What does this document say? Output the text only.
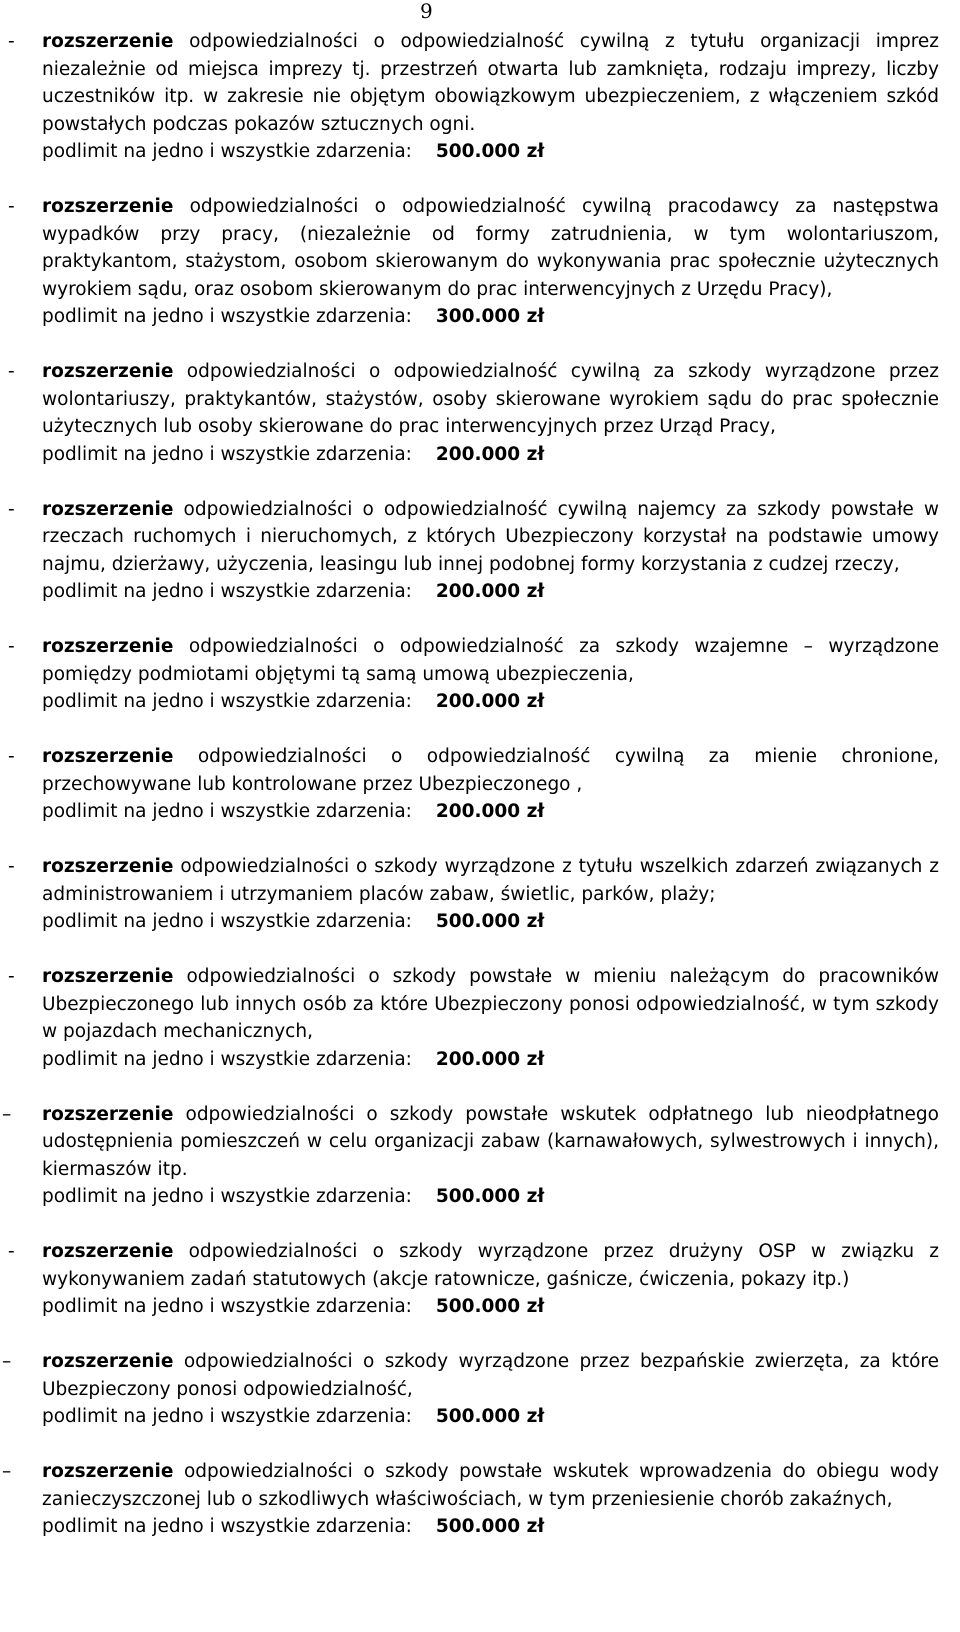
9
- rozszerzenie odpowiedzialności o odpowiedzialność cywilną z tytułu organizacji imprez niezależnie od miejsca imprezy tj. przestrzeń otwarta lub zamknięta, rodzaju imprezy, liczby uczestników itp. w zakresie nie objętym obowiązkowym ubezpieczeniem, z włączeniem szkód powstałych podczas pokazów sztucznych ogni.
podlimit na jedno i wszystkie zdarzenia: 500.000 zł
- rozszerzenie odpowiedzialności o odpowiedzialność cywilną pracodawcy za następstwa wypadków przy pracy, (niezależnie od formy zatrudnienia, w tym wolontariuszom, praktykantom, stażystom, osobom skierowanym do wykonywania prac społecznie użytecznych wyrokiem sądu, oraz osobom skierowanym do prac interwencyjnych z Urzędu Pracy),
podlimit na jedno i wszystkie zdarzenia: 300.000 zł
- rozszerzenie odpowiedzialności o odpowiedzialność cywilną za szkody wyrządzone przez wolontariuszy, praktykantów, stażystów, osoby skierowane wyrokiem sądu do prac społecznie użytecznych lub osoby skierowane do prac interwencyjnych przez Urząd Pracy,
podlimit na jedno i wszystkie zdarzenia: 200.000 zł
- rozszerzenie odpowiedzialności o odpowiedzialność cywilną najemcy za szkody powstałe w rzeczach ruchomych i nieruchomych, z których Ubezpieczony korzystał na podstawie umowy najmu, dzierżawy, użyczenia, leasingu lub innej podobnej formy korzystania z cudzej rzeczy,
podlimit na jedno i wszystkie zdarzenia: 200.000 zł
- rozszerzenie odpowiedzialności o odpowiedzialność za szkody wzajemne – wyrządzone pomiędzy podmiotami objętymi tą samą umową ubezpieczenia,
podlimit na jedno i wszystkie zdarzenia: 200.000 zł
- rozszerzenie odpowiedzialności o odpowiedzialność cywilną za mienie chronione, przechowywane lub kontrolowane przez Ubezpieczonego ,
podlimit na jedno i wszystkie zdarzenia: 200.000 zł
- rozszerzenie odpowiedzialności o szkody wyrządzone z tytułu wszelkich zdarzeń związanych z administrowaniem i utrzymaniem placów zabaw, świetlic, parków, plaży;
podlimit na jedno i wszystkie zdarzenia: 500.000 zł
- rozszerzenie odpowiedzialności o szkody powstałe w mieniu należącym do pracowników Ubezpieczonego lub innych osób za które Ubezpieczony ponosi odpowiedzialność, w tym szkody w pojazdach mechanicznych,
podlimit na jedno i wszystkie zdarzenia: 200.000 zł
– rozszerzenie odpowiedzialności o szkody powstałe wskutek odpłatnego lub nieodpłatnego udostępnienia pomieszczeń w celu organizacji zabaw (karnawałowych, sylwestrowych i innych), kiermaszów itp.
podlimit na jedno i wszystkie zdarzenia: 500.000 zł
- rozszerzenie odpowiedzialności o szkody wyrządzone przez drużyny OSP w związku z wykonywaniem zadań statutowych (akcje ratownicze, gaśnicze, ćwiczenia, pokazy itp.)
podlimit na jedno i wszystkie zdarzenia: 500.000 zł
– rozszerzenie odpowiedzialności o szkody wyrządzone przez bezpańskie zwierzęta, za które Ubezpieczony ponosi odpowiedzialność,
podlimit na jedno i wszystkie zdarzenia: 500.000 zł
– rozszerzenie odpowiedzialności o szkody powstałe wskutek wprowadzenia do obiegu wody zanieczyszczonej lub o szkodliwych właściwościach, w tym przeniesienie chorób zakaźnych,
podlimit na jedno i wszystkie zdarzenia: 500.000 zł
